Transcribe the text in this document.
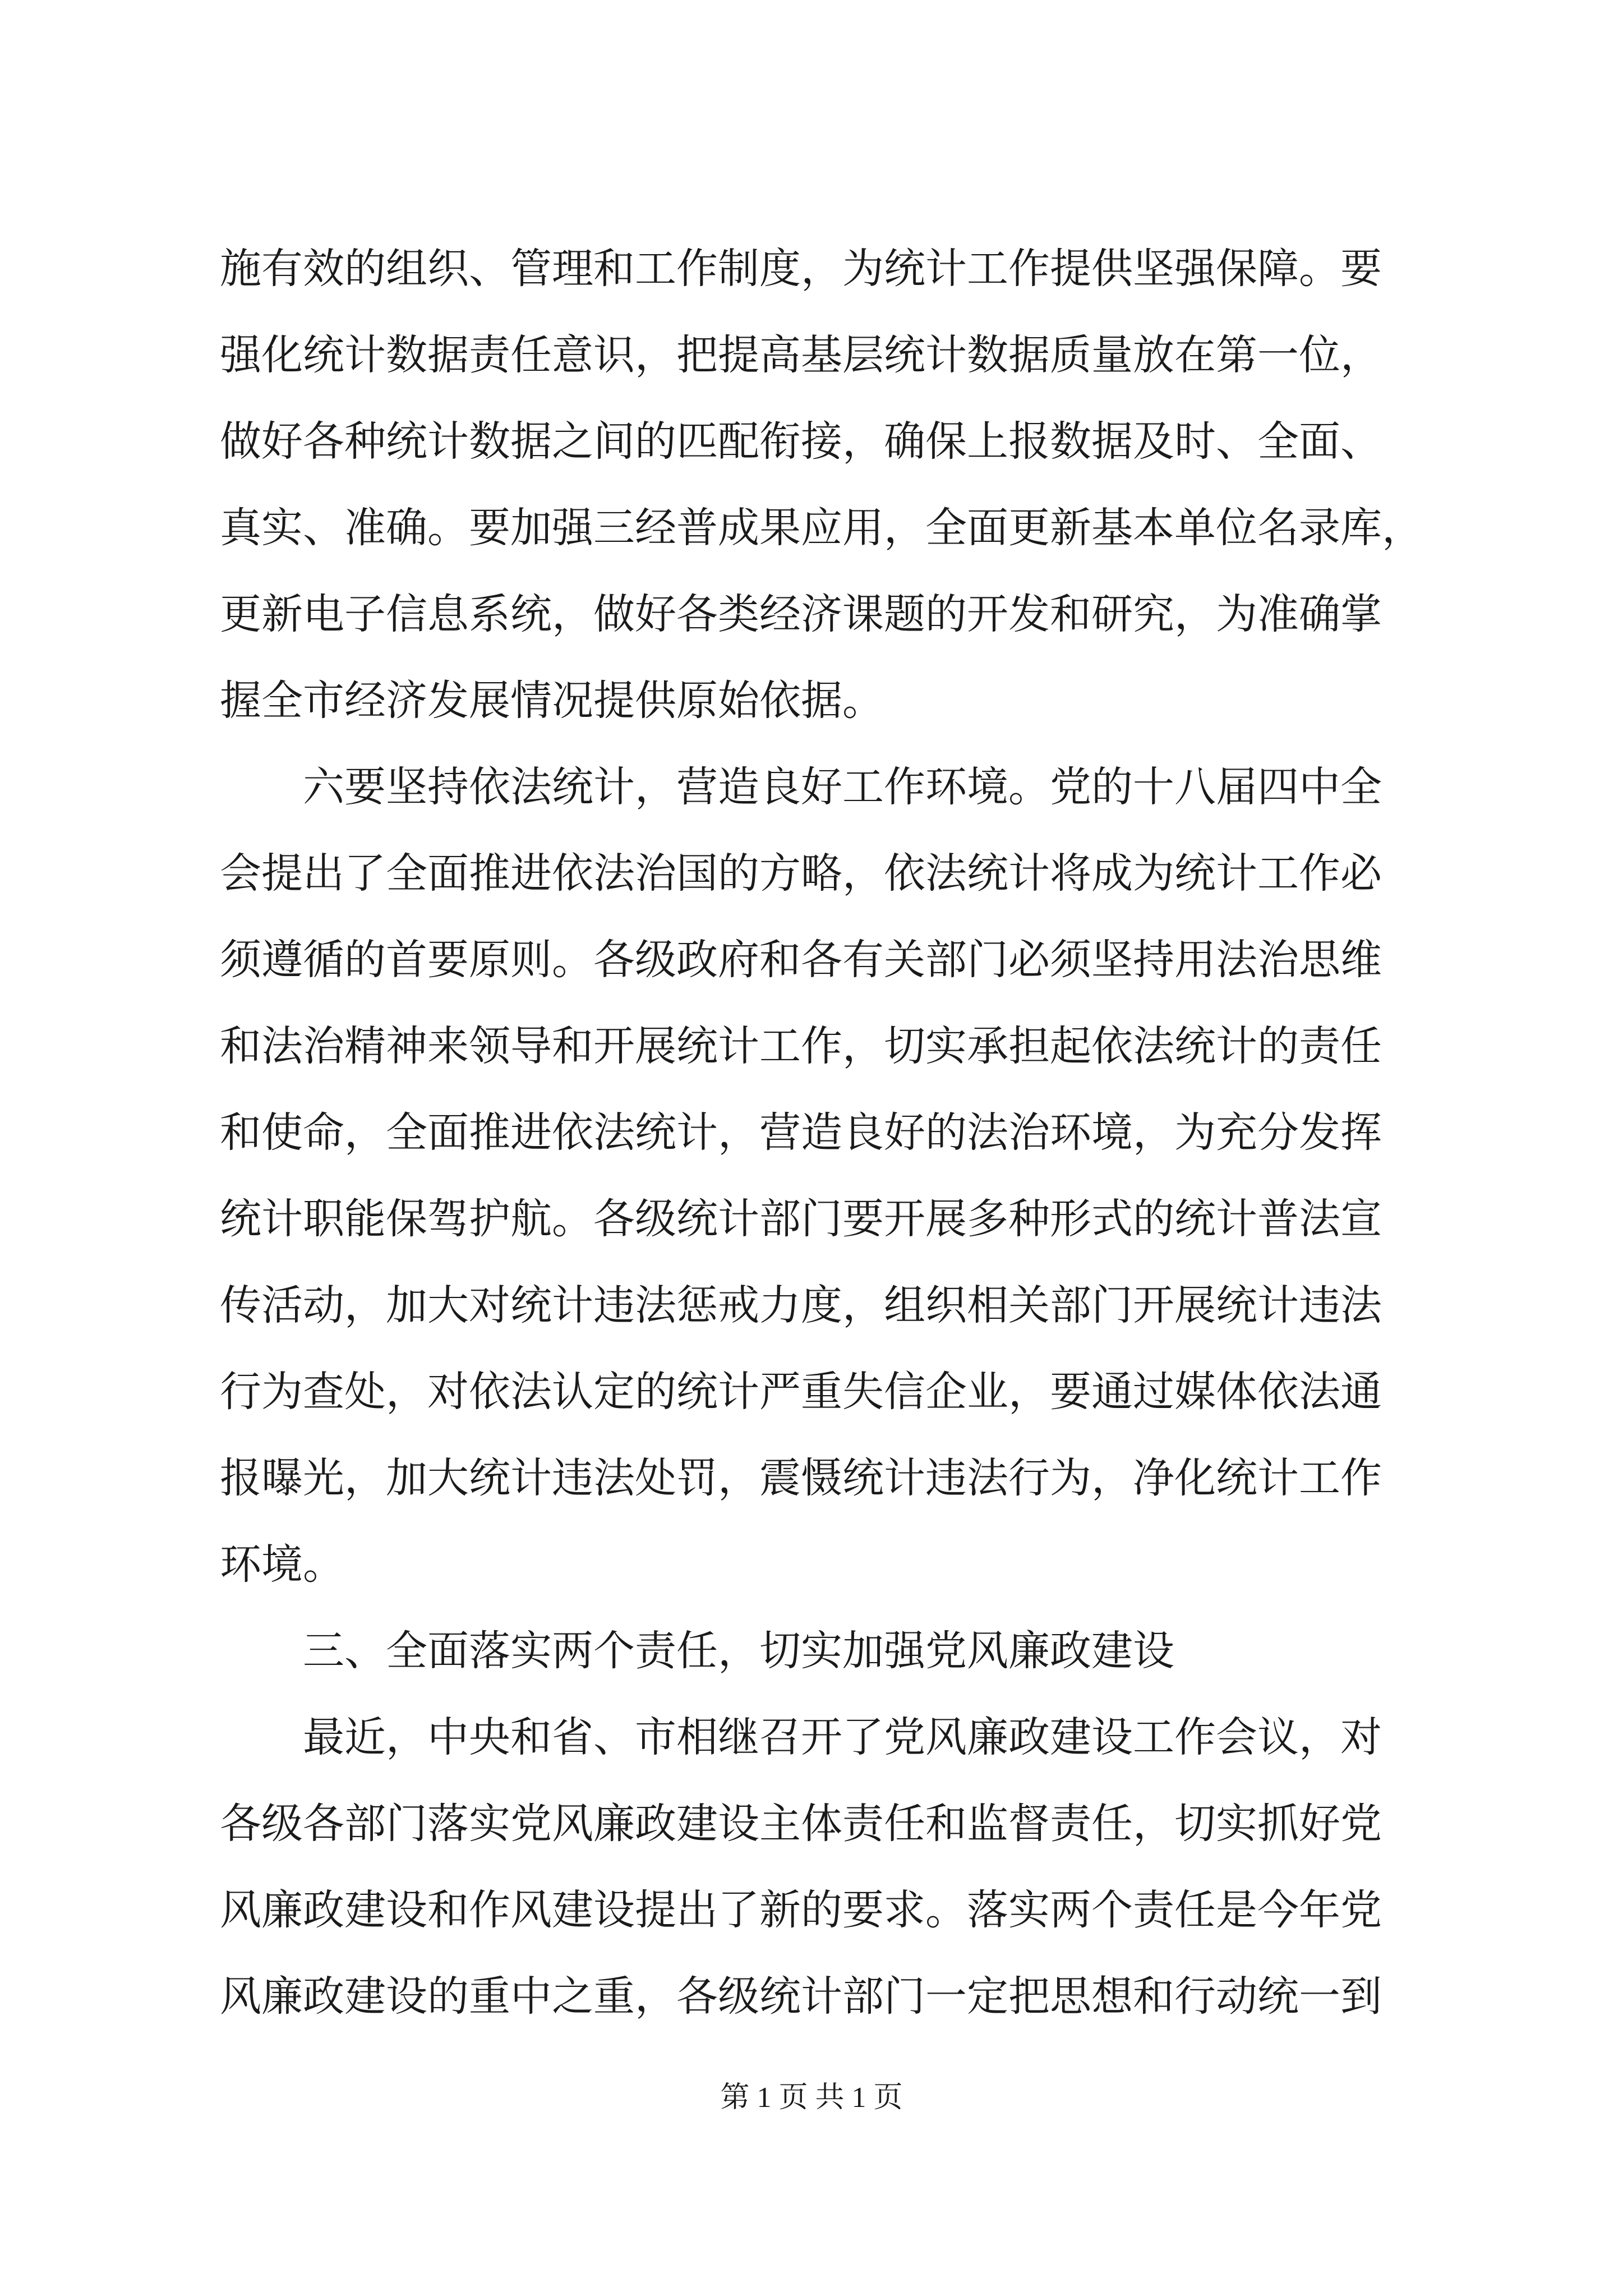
施有效的组织、管理和工作制度，为统计工作提供坚强保障。要
强化统计数据责任意识，把提高基层统计数据质量放在第一位，
做好各种统计数据之间的匹配衔接，确保上报数据及时、全面、
真实、准确。要加强三经普成果应用，全面更新基本单位名录库，
更新电子信息系统，做好各类经济课题的开发和研究，为准确掌
握全市经济发展情况提供原始依据。
六要坚持依法统计，营造良好工作环境。党的十八届四中全
会提出了全面推进依法治国的方略，依法统计将成为统计工作必
须遵循的首要原则。各级政府和各有关部门必须坚持用法治思维
和法治精神来领导和开展统计工作，切实承担起依法统计的责任
和使命，全面推进依法统计，营造良好的法治环境，为充分发挥
统计职能保驾护航。各级统计部门要开展多种形式的统计普法宣
传活动，加大对统计违法惩戒力度，组织相关部门开展统计违法
行为查处，对依法认定的统计严重失信企业，要通过媒体依法通
报曝光，加大统计违法处罚，震慑统计违法行为，净化统计工作
环境。
三、全面落实两个责任，切实加强党风廉政建设
最近，中央和省、市相继召开了党风廉政建设工作会议，对
各级各部门落实党风廉政建设主体责任和监督责任，切实抓好党
风廉政建设和作风建设提出了新的要求。落实两个责任是今年党
风廉政建设的重中之重，各级统计部门一定把思想和行动统一到
第 1 页 共 1 页
